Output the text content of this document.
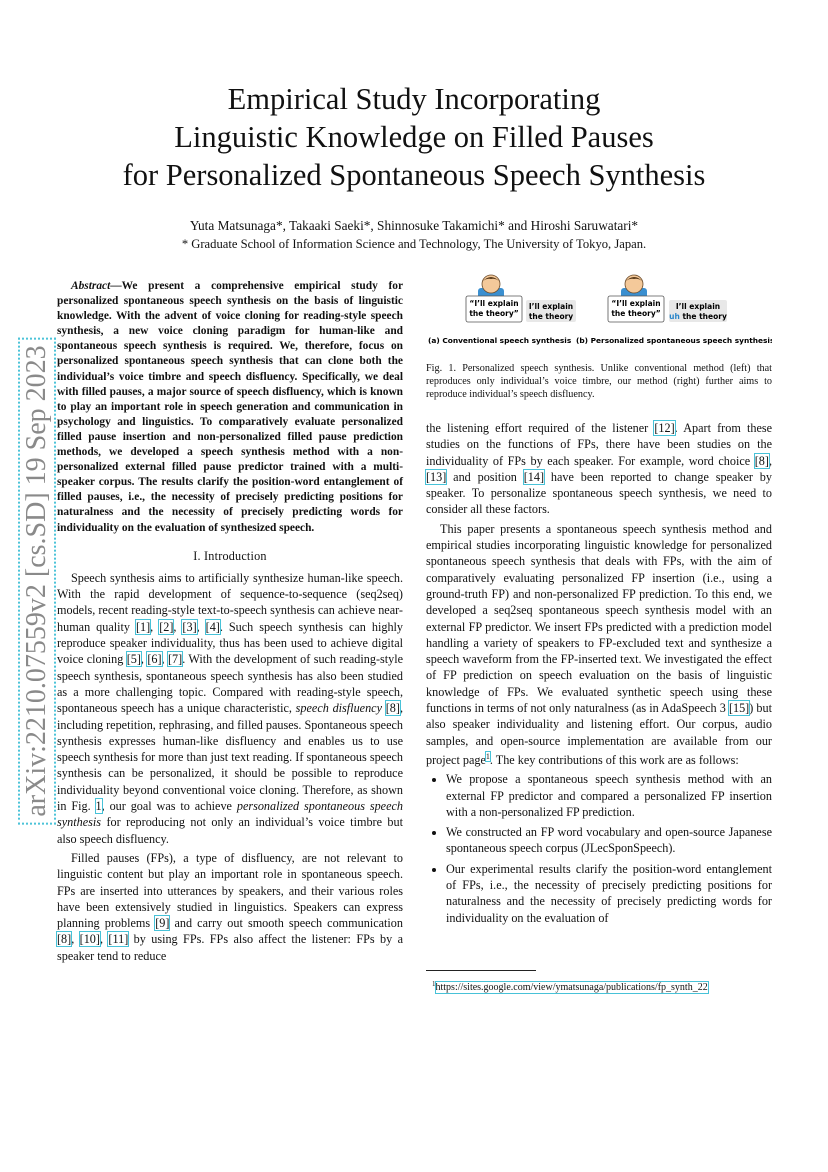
arXiv:2210.07559v2 [cs.SD] 19 Sep 2023
Empirical Study Incorporating
Linguistic Knowledge on Filled Pauses
for Personalized Spontaneous Speech Synthesis
Yuta Matsunaga*, Takaaki Saeki*, Shinnosuke Takamichi* and Hiroshi Saruwatari*
* Graduate School of Information Science and Technology, The University of Tokyo, Japan.
Abstract—We present a comprehensive empirical study for personalized spontaneous speech synthesis on the basis of linguistic knowledge. With the advent of voice cloning for reading-style speech synthesis, a new voice cloning paradigm for human-like and spontaneous speech synthesis is required. We, therefore, focus on personalized spontaneous speech synthesis that can clone both the individual’s voice timbre and speech disfluency. Specifically, we deal with filled pauses, a major source of speech disfluency, which is known to play an important role in speech generation and communication in psychology and linguistics. To comparatively evaluate personalized filled pause insertion and non-personalized filled pause prediction methods, we developed a speech synthesis method with a non-personalized external filled pause predictor trained with a multi-speaker corpus. The results clarify the position-word entanglement of filled pauses, i.e., the necessity of precisely predicting positions for naturalness and the necessity of precisely predicting words for individuality on the evaluation of synthesized speech.
I. Introduction

Speech synthesis aims to artificially synthesize human-like speech. With the rapid development of sequence-to-sequence (seq2seq) models, recent reading-style text-to-speech synthesis can achieve near-human quality [1], [2], [3], [4]. Such speech synthesis can highly reproduce speaker individuality, thus has been used to achieve digital voice cloning [5], [6], [7]. With the development of such reading-style speech synthesis, spontaneous speech synthesis has also been studied as a more challenging topic. Compared with reading-style speech, spontaneous speech has a unique characteristic, speech disfluency [8], including repetition, rephrasing, and filled pauses. Spontaneous speech synthesis expresses human-like disfluency and enables us to use speech synthesis for more than just text reading. If spontaneous speech synthesis can be personalized, it should be possible to reproduce individuality beyond conventional voice cloning. Therefore, as shown in Fig. 1, our goal was to achieve personalized spontaneous speech synthesis for reproducing not only an individual’s voice timbre but also speech disfluency.

Filled pauses (FPs), a type of disfluency, are not relevant to linguistic content but play an important role in spontaneous speech. FPs are inserted into utterances by speakers, and their various roles have been extensively studied in linguistics. Speakers can express planning problems [9] and carry out smooth speech communication [8], [10], [11] by using FPs. FPs also affect the listener: FPs by a speaker tend to reduce

“I’ll explain
the theory”
I’ll explain
the theory
“I’ll explain
the theory”
I’ll explain
uh the theory
(a) Conventional speech synthesis (b) Personalized spontaneous speech synthesis
Fig. 1. Personalized speech synthesis. Unlike conventional method (left) that reproduces only individual’s voice timbre, our method (right) further aims to reproduce individual’s speech disfluency.

the listening effort required of the listener [12]. Apart from these studies on the functions of FPs, there have been studies on the individuality of FPs by each speaker. For example, word choice [8], [13] and position [14] have been reported to change speaker by speaker. To personalize spontaneous speech synthesis, we need to consider all these factors.

This paper presents a spontaneous speech synthesis method and empirical studies incorporating linguistic knowledge for personalized spontaneous speech synthesis that deals with FPs, with the aim of comparatively evaluating personalized FP insertion (i.e., using a ground-truth FP) and non-personalized FP prediction. To this end, we developed a seq2seq spontaneous speech synthesis model with an external FP predictor. We insert FPs predicted with a prediction model handling a variety of speakers to FP-excluded text and synthesize a speech waveform from the FP-inserted text. We investigated the effect of FP prediction on speech evaluation on the basis of linguistic knowledge of FPs. We evaluated synthetic speech using these functions in terms of not only naturalness (as in AdaSpeech 3 [15]) but also speaker individuality and listening effort. Our corpus, audio samples, and open-source implementation are available from our project page$^1$. The key contributions of this work are as follows:

• We propose a spontaneous speech synthesis method with an external FP predictor and compared a personalized FP insertion with a non-personalized FP prediction.
• We constructed an FP word vocabulary and open-source Japanese spontaneous speech corpus (JLecSponSpeech).
• Our experimental results clarify the position-word entanglement of FPs, i.e., the necessity of precisely predicting positions for naturalness and the necessity of precisely predicting words for individuality on the evaluation of
$^1$https://sites.google.com/view/ymatsunaga/publications/fp_synth_22
